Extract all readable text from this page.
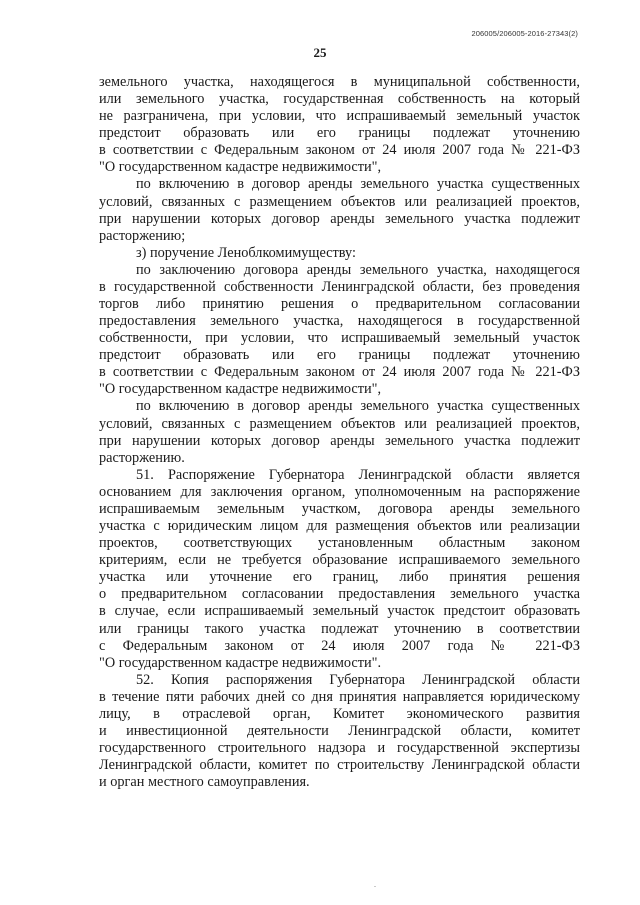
206005/206005-2016-27343(2)
25
земельного участка, находящегося в муниципальной собственности,
или земельного участка, государственная собственность на который
не разграничена, при условии, что испрашиваемый земельный участок
предстоит образовать или его границы подлежат уточнению
в соответствии с Федеральным законом от 24 июля 2007 года № 221-ФЗ
"О государственном кадастре недвижимости",
по включению в договор аренды земельного участка существенных
условий, связанных с размещением объектов или реализацией проектов,
при нарушении которых договор аренды земельного участка подлежит
расторжению;
з) поручение Леноблкомимуществу:
по заключению договора аренды земельного участка, находящегося
в государственной собственности Ленинградской области, без проведения
торгов либо принятию решения о предварительном согласовании
предоставления земельного участка, находящегося в государственной
собственности, при условии, что испрашиваемый земельный участок
предстоит образовать или его границы подлежат уточнению
в соответствии с Федеральным законом от 24 июля 2007 года № 221-ФЗ
"О государственном кадастре недвижимости",
по включению в договор аренды земельного участка существенных
условий, связанных с размещением объектов или реализацией проектов,
при нарушении которых договор аренды земельного участка подлежит
расторжению.
51. Распоряжение Губернатора Ленинградской области является
основанием для заключения органом, уполномоченным на распоряжение
испрашиваемым земельным участком, договора аренды земельного
участка с юридическим лицом для размещения объектов или реализации
проектов, соответствующих установленным областным законом
критериям, если не требуется образование испрашиваемого земельного
участка или уточнение его границ, либо принятия решения
о предварительном согласовании предоставления земельного участка
в случае, если испрашиваемый земельный участок предстоит образовать
или границы такого участка подлежат уточнению в соответствии
с Федеральным законом от 24 июля 2007 года № 221-ФЗ
"О государственном кадастре недвижимости".
52. Копия распоряжения Губернатора Ленинградской области
в течение пяти рабочих дней со дня принятия направляется юридическому
лицу, в отраслевой орган, Комитет экономического развития
и инвестиционной деятельности Ленинградской области, комитет
государственного строительного надзора и государственной экспертизы
Ленинградской области, комитет по строительству Ленинградской области
и орган местного самоуправления.
.
